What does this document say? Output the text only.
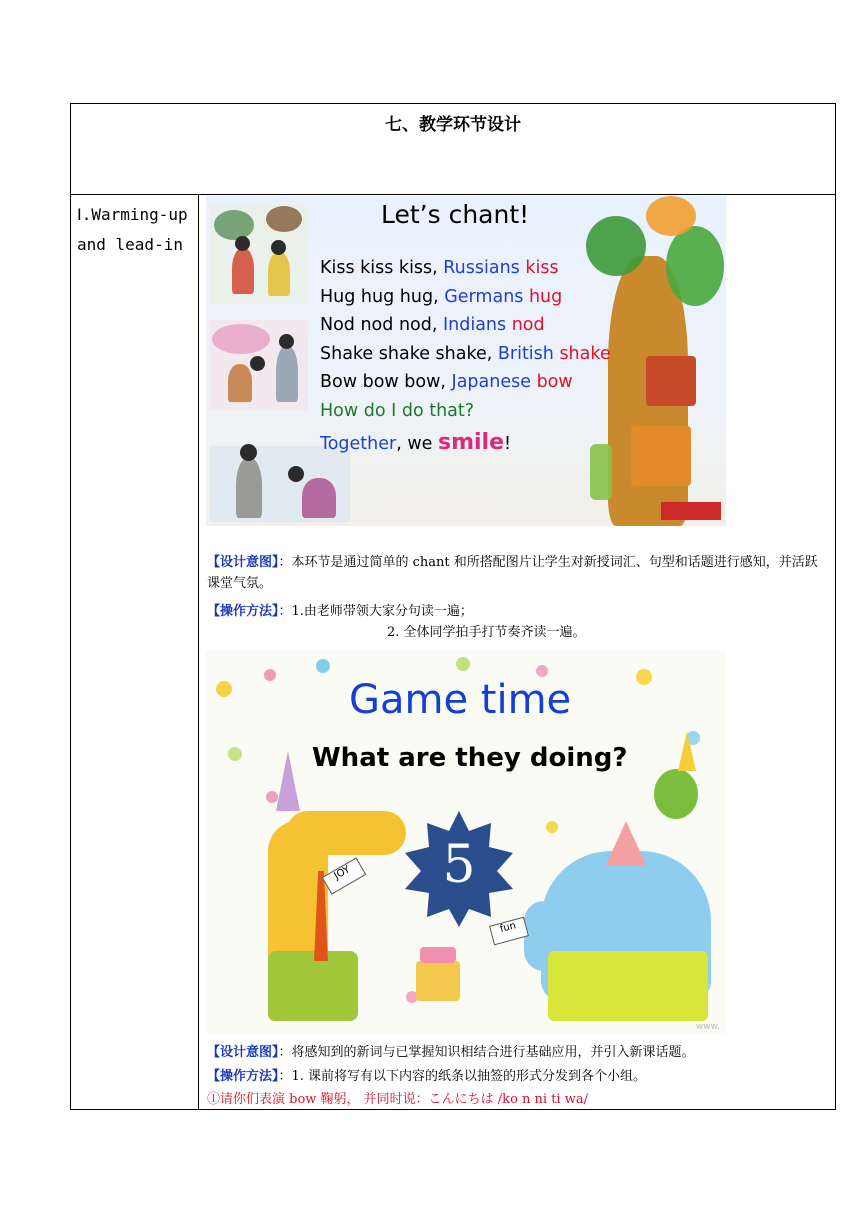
七、教学环节设计
Ⅰ.Warming-up and lead-in
Let’s chant!
Kiss kiss kiss, Russians kiss
Hug hug hug, Germans hug
Nod nod nod, Indians nod
Shake shake shake, British shake
Bow bow bow, Japanese bow
How do I do that?
Together, we smile!
【设计意图】：本环节是通过简单的 chant 和所搭配图片让学生对新授词汇、句型和话题进行感知，并活跃课堂气氛。
【操作方法】：1.由老师带领大家分句读一遍；
2. 全体同学拍手打节奏齐读一遍。
JOY
fun
Game time
What are they doing?
5
www.
【设计意图】：将感知到的新词与已掌握知识相结合进行基础应用，并引入新课话题。
【操作方法】：1. 课前将写有以下内容的纸条以抽签的形式分发到各个小组。
①请你们表演 bow 鞠躬， 并同时说：こんにちは /ko n ni ti wa/
